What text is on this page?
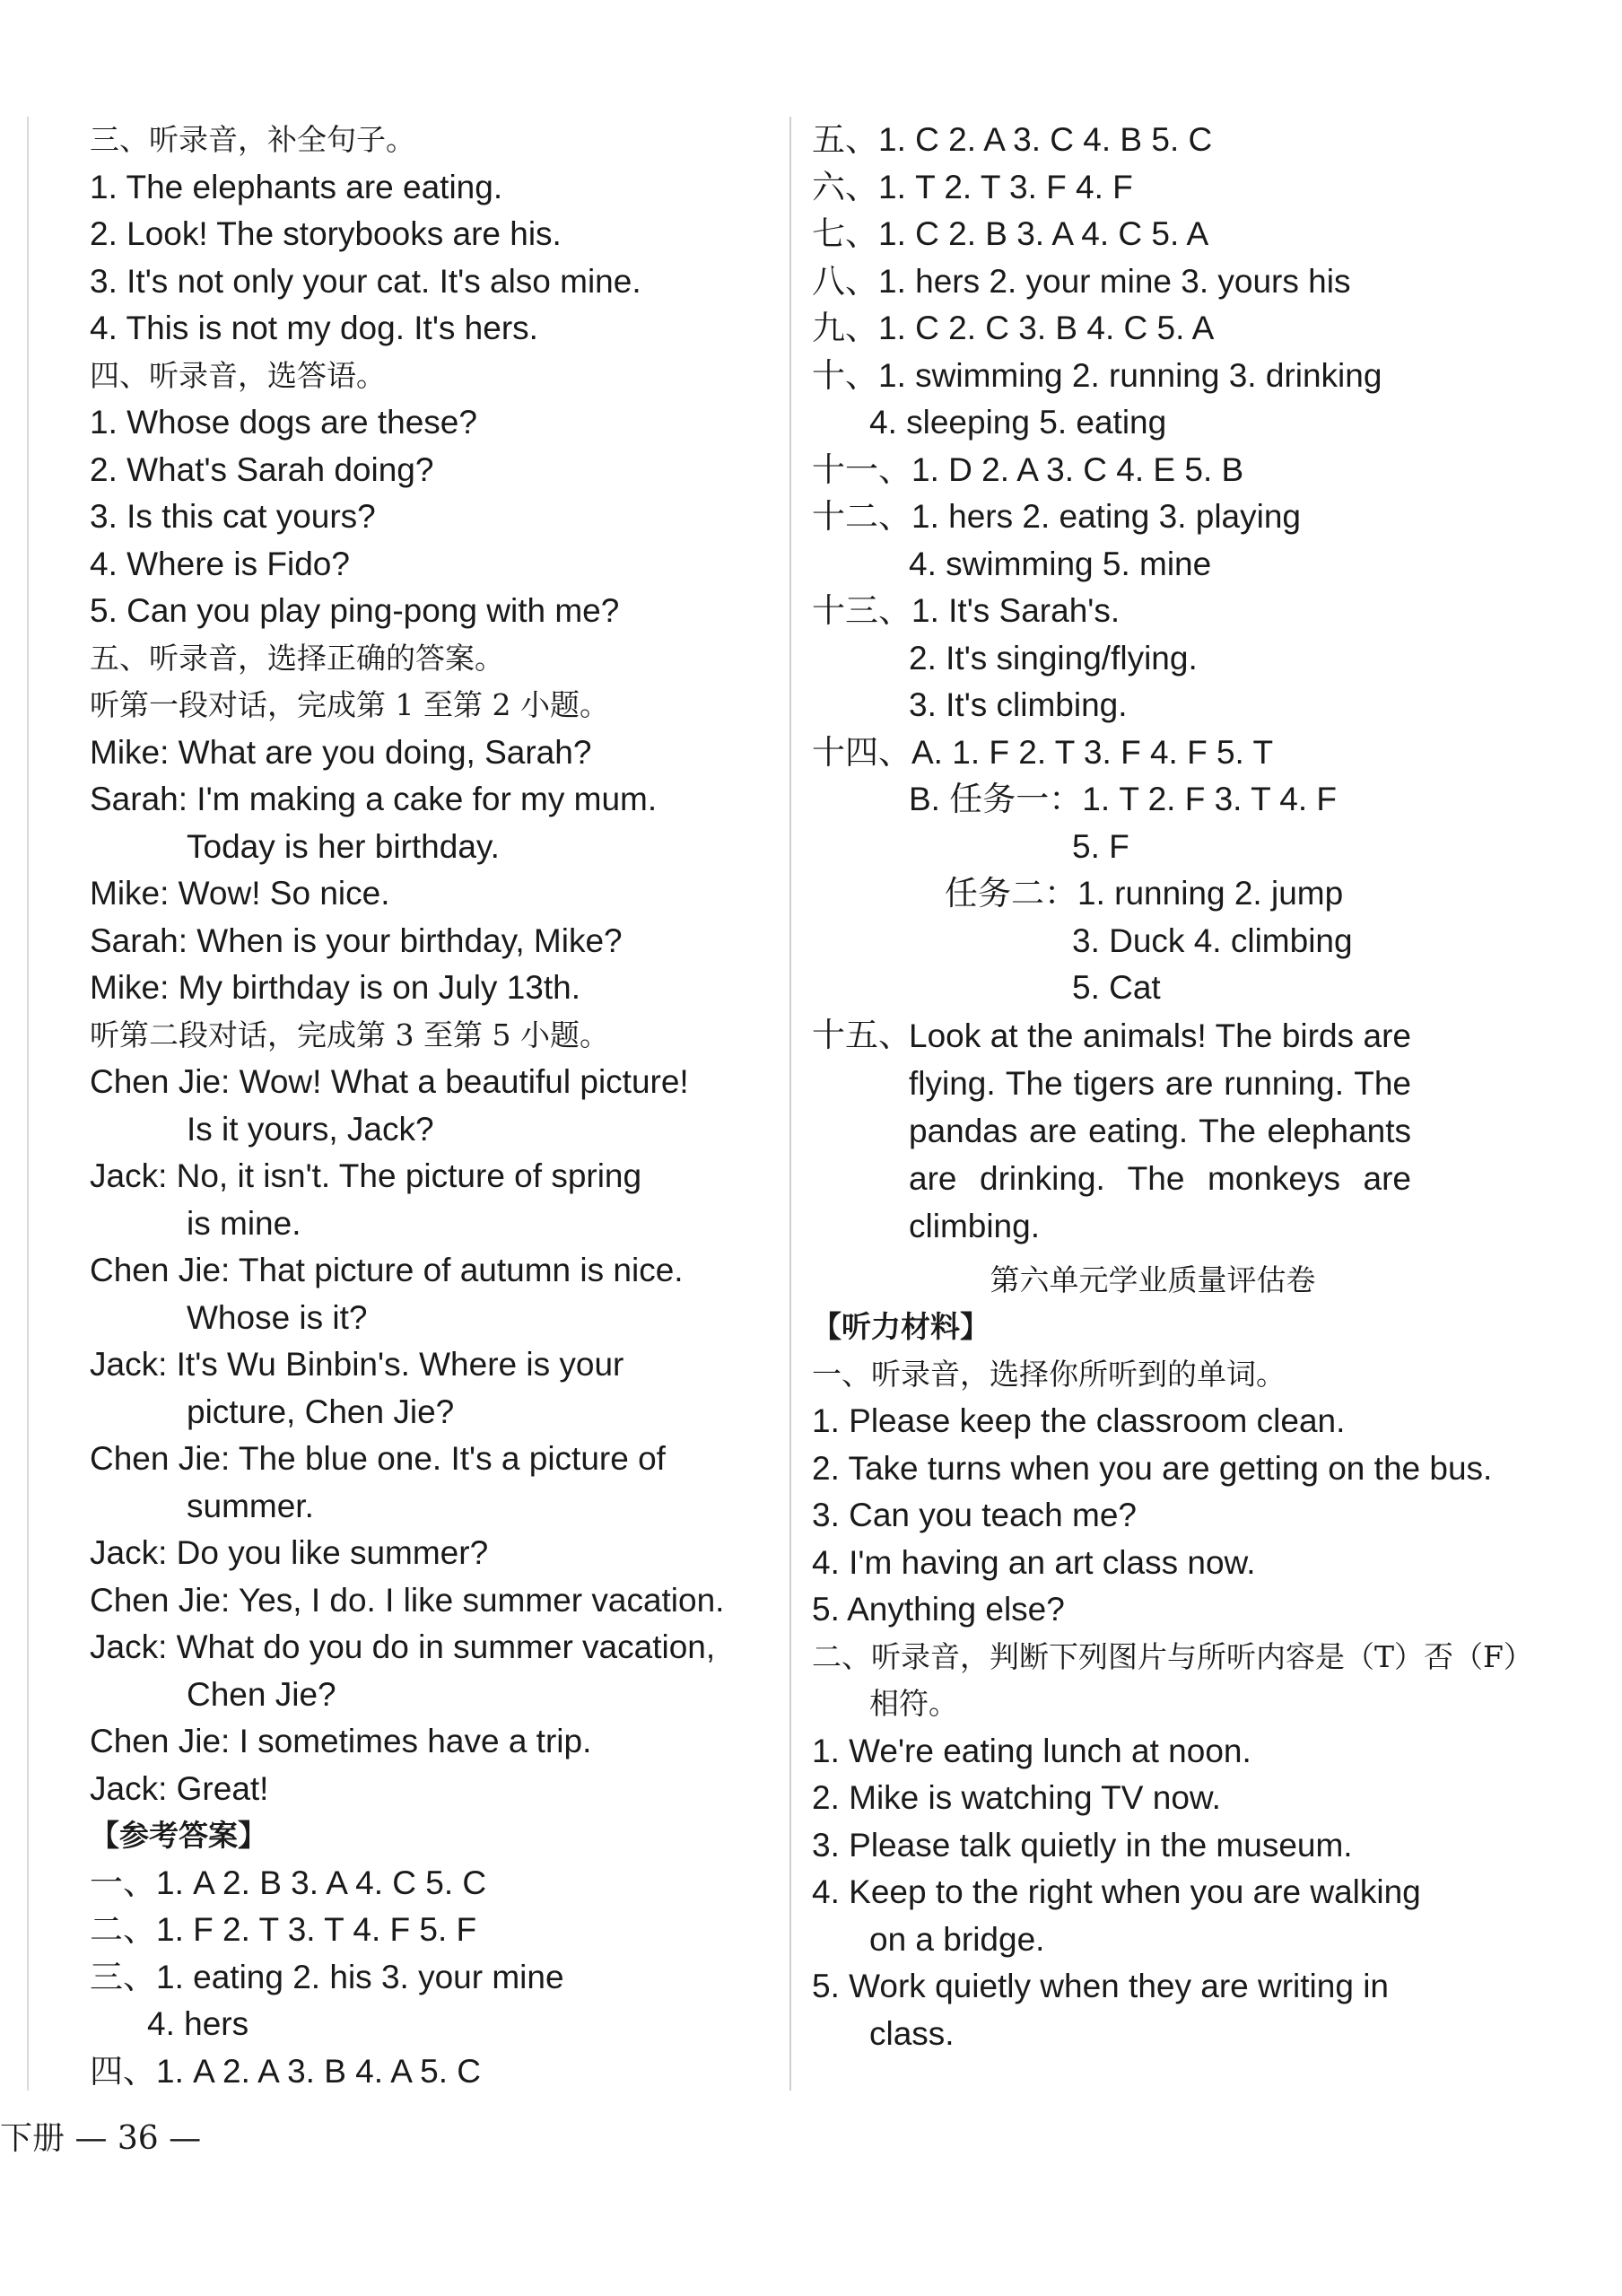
三、听录音，补全句子。
1. The elephants are eating.
2. Look! The storybooks are his.
3. It's not only your cat. It's also mine.
4. This is not my dog. It's hers.
四、听录音，选答语。
1. Whose dogs are these?
2. What's Sarah doing?
3. Is this cat yours?
4. Where is Fido?
5. Can you play ping-pong with me?
五、听录音，选择正确的答案。
听第一段对话，完成第 1 至第 2 小题。
Mike: What are you doing, Sarah?
Sarah: I'm making a cake for my mum.
Today is her birthday.
Mike: Wow! So nice.
Sarah: When is your birthday, Mike?
Mike: My birthday is on July 13th.
听第二段对话，完成第 3 至第 5 小题。
Chen Jie: Wow! What a beautiful picture!
Is it yours, Jack?
Jack: No, it isn't. The picture of spring
is mine.
Chen Jie: That picture of autumn is nice.
Whose is it?
Jack: It's Wu Binbin's. Where is your
picture, Chen Jie?
Chen Jie: The blue one. It's a picture of
summer.
Jack: Do you like summer?
Chen Jie: Yes, I do. I like summer vacation.
Jack: What do you do in summer vacation,
Chen Jie?
Chen Jie: I sometimes have a trip.
Jack: Great!
【参考答案】
一、1. A 2. B 3. A 4. C 5. C
二、1. F 2. T 3. T 4. F 5. F
三、1. eating 2. his 3. your mine
4. hers
四、1. A 2. A 3. B 4. A 5. C
五、1. C 2. A 3. C 4. B 5. C
六、1. T 2. T 3. F 4. F
七、1. C 2. B 3. A 4. C 5. A
八、1. hers 2. your mine 3. yours his
九、1. C 2. C 3. B 4. C 5. A
十、1. swimming 2. running 3. drinking
4. sleeping 5. eating
十一、1. D 2. A 3. C 4. E 5. B
十二、1. hers 2. eating 3. playing
4. swimming 5. mine
十三、1. It's Sarah's.
2. It's singing/flying.
3. It's climbing.
十四、A. 1. F 2. T 3. F 4. F 5. T
B. 任务一：1. T 2. F 3. T 4. F
5. F
任务二：1. running 2. jump
3. Duck 4. climbing
5. Cat
十五、
Look at the animals! The birds are flying. The tigers are running. The pandas are eating. The elephants are drinking. The monkeys are climbing.
第六单元学业质量评估卷
【听力材料】
一、听录音，选择你所听到的单词。
1. Please keep the classroom clean.
2. Take turns when you are getting on the bus.
3. Can you teach me?
4. I'm having an art class now.
5. Anything else?
二、听录音，判断下列图片与所听内容是（T）否（F）
相符。
1. We're eating lunch at noon.
2. Mike is watching TV now.
3. Please talk quietly in the museum.
4. Keep to the right when you are walking
on a bridge.
5. Work quietly when they are writing in
class.
下册 — 36 —
